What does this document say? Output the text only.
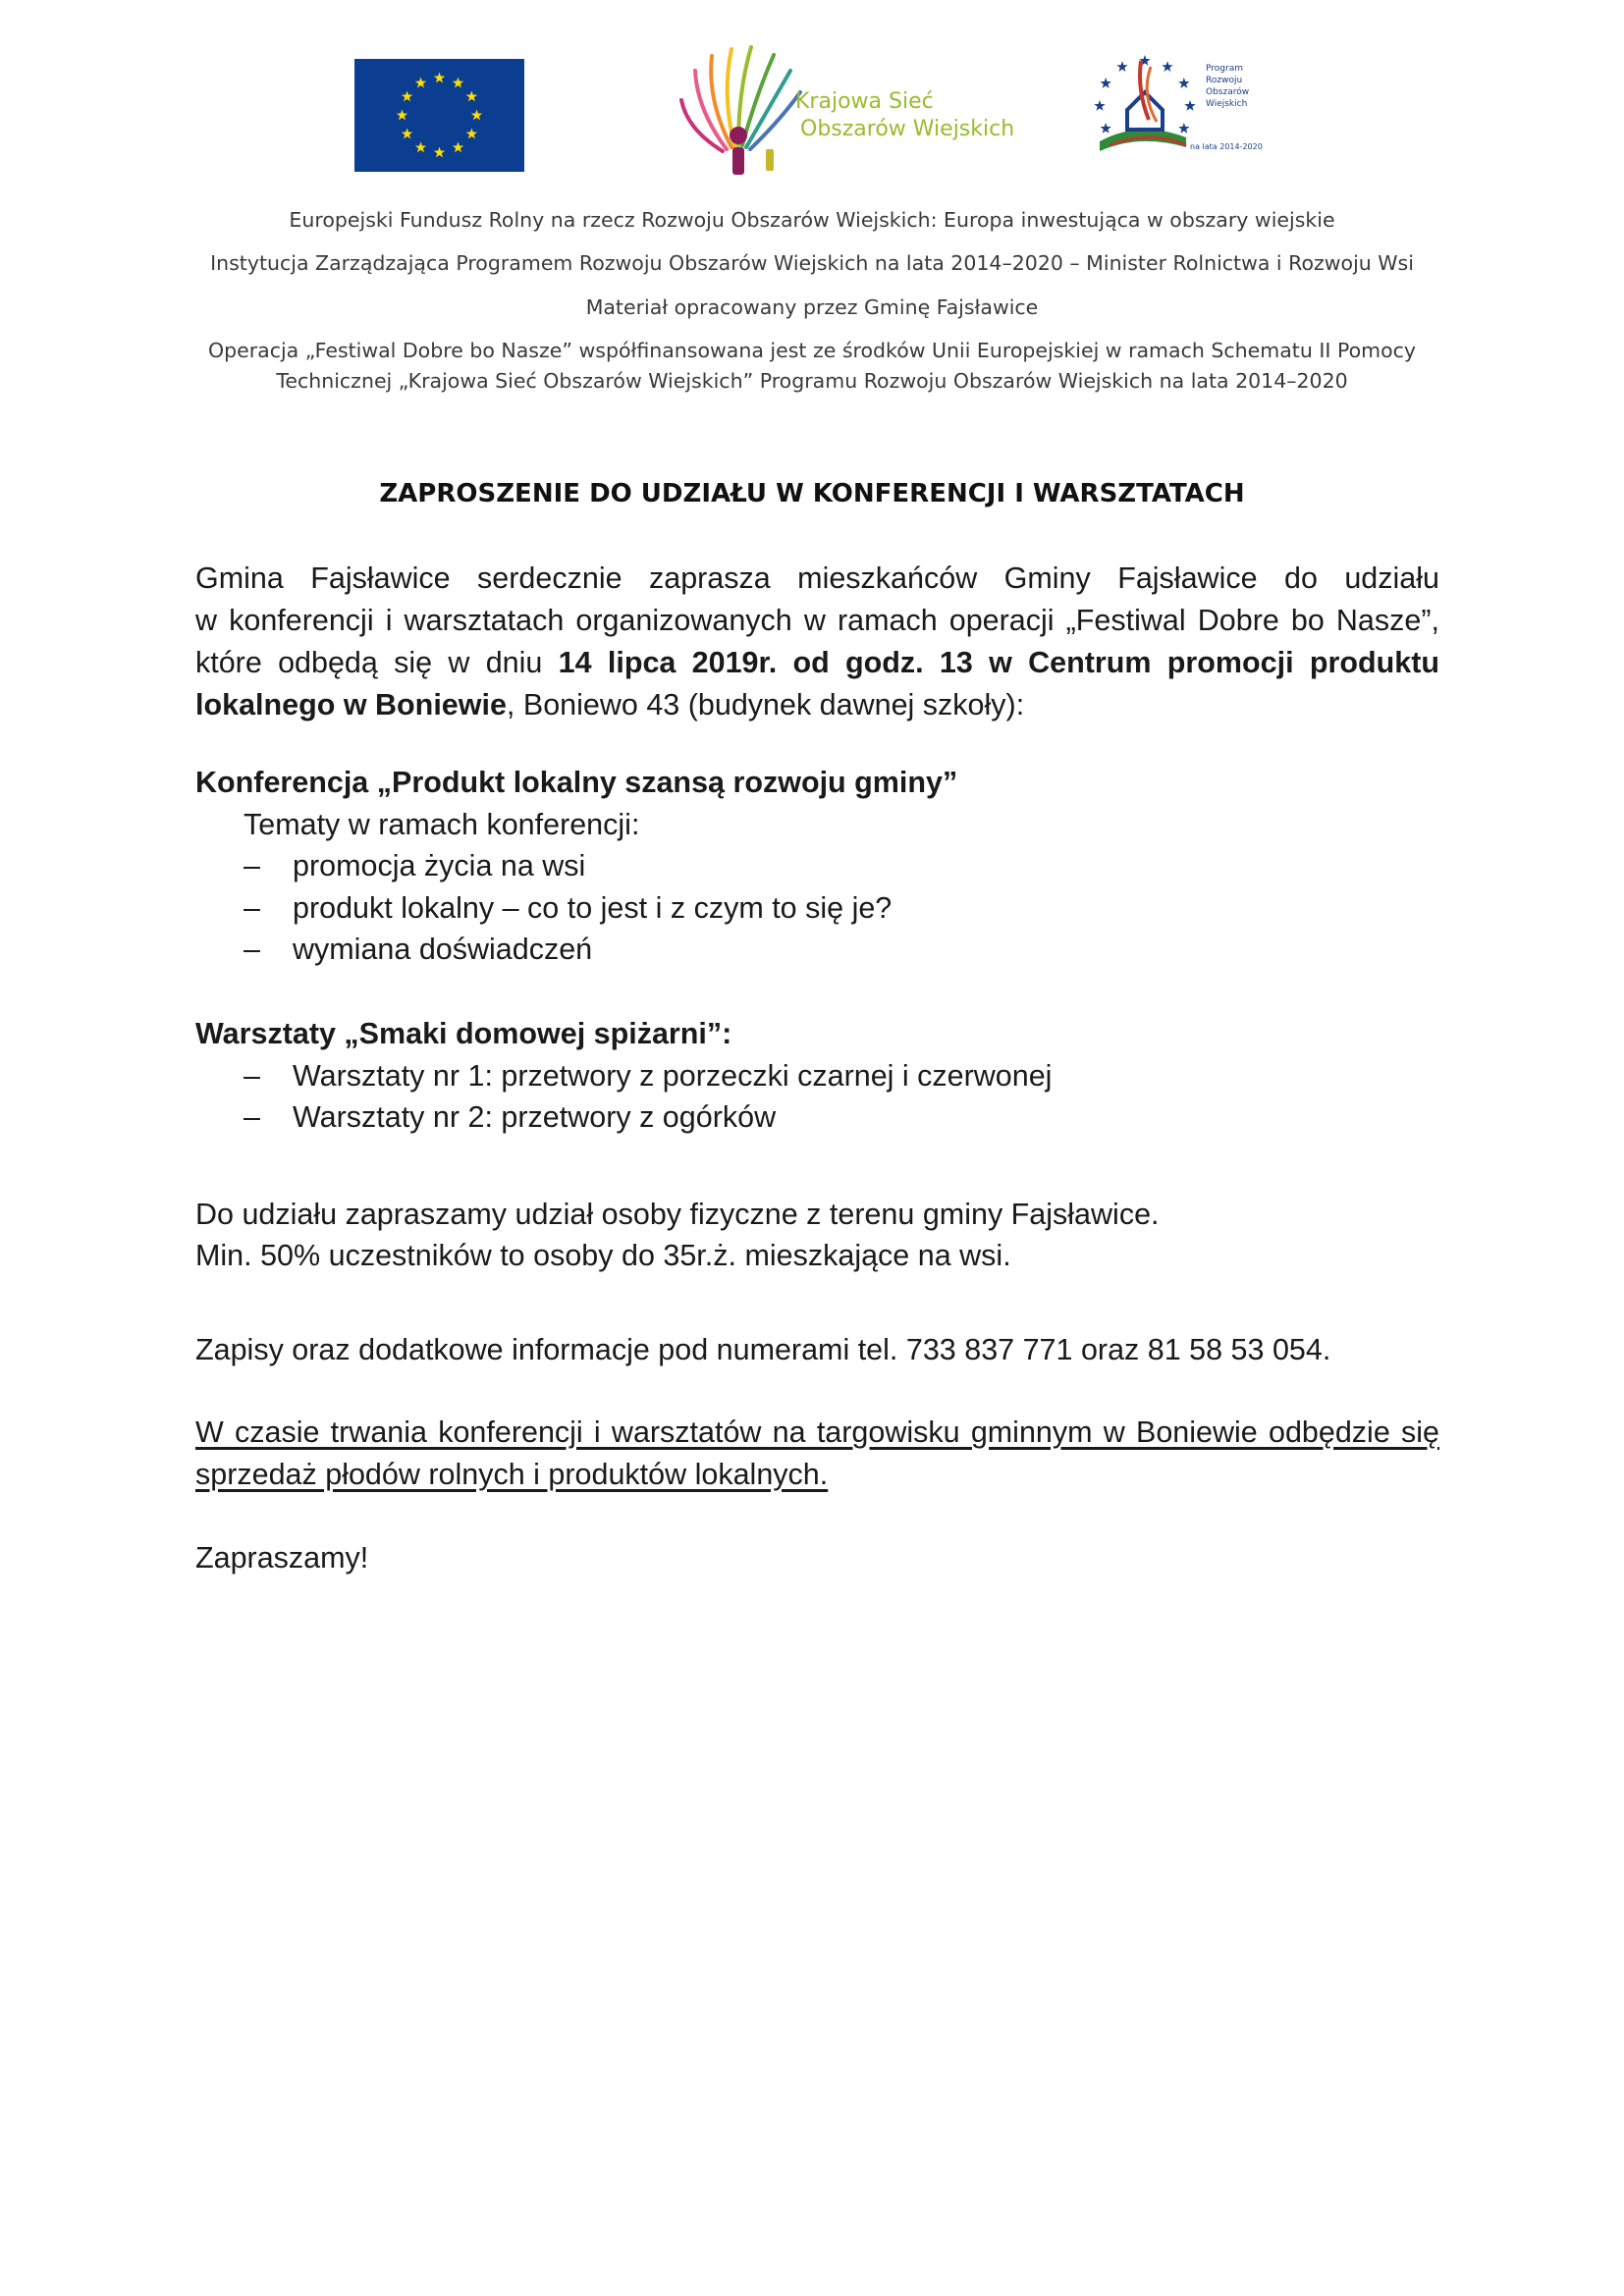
Krajowa Sieć
Obszarów Wiejskich
Program
Rozwoju
Obszarów
Wiejskich
na lata 2014-2020
Europejski Fundusz Rolny na rzecz Rozwoju Obszarów Wiejskich: Europa inwestująca w obszary wiejskie
Instytucja Zarządzająca Programem Rozwoju Obszarów Wiejskich na lata 2014–2020 – Minister Rolnictwa i Rozwoju Wsi
Materiał opracowany przez Gminę Fajsławice
Operacja „Festiwal Dobre bo Nasze” współfinansowana jest ze środków Unii Europejskiej w ramach Schematu II Pomocy
Technicznej „Krajowa Sieć Obszarów Wiejskich” Programu Rozwoju Obszarów Wiejskich na lata 2014–2020
ZAPROSZENIE DO UDZIAŁU W KONFERENCJI I WARSZTATACH
Gmina Fajsławice serdecznie zaprasza mieszkańców Gminy Fajsławice do udziału
w konferencji i warsztatach organizowanych w ramach operacji „Festiwal Dobre bo Nasze”,
które odbędą się w dniu 14 lipca 2019r. od godz. 13 w Centrum promocji produktu
lokalnego w Boniewie, Boniewo 43 (budynek dawnej szkoły):
Konferencja „Produkt lokalny szansą rozwoju gminy”
Tematy w ramach konferencji:
– promocja życia na wsi
– produkt lokalny – co to jest i z czym to się je?
– wymiana doświadczeń
Warsztaty „Smaki domowej spiżarni”:
– Warsztaty nr 1: przetwory z porzeczki czarnej i czerwonej
– Warsztaty nr 2: przetwory z ogórków
Do udziału zapraszamy udział osoby fizyczne z terenu gminy Fajsławice.
Min. 50% uczestników to osoby do 35r.ż. mieszkające na wsi.
Zapisy oraz dodatkowe informacje pod numerami tel. 733 837 771 oraz 81 58 53 054.
W czasie trwania konferencji i warsztatów na targowisku gminnym w Boniewie odbędzie się
sprzedaż płodów rolnych i produktów lokalnych.
Zapraszamy!
